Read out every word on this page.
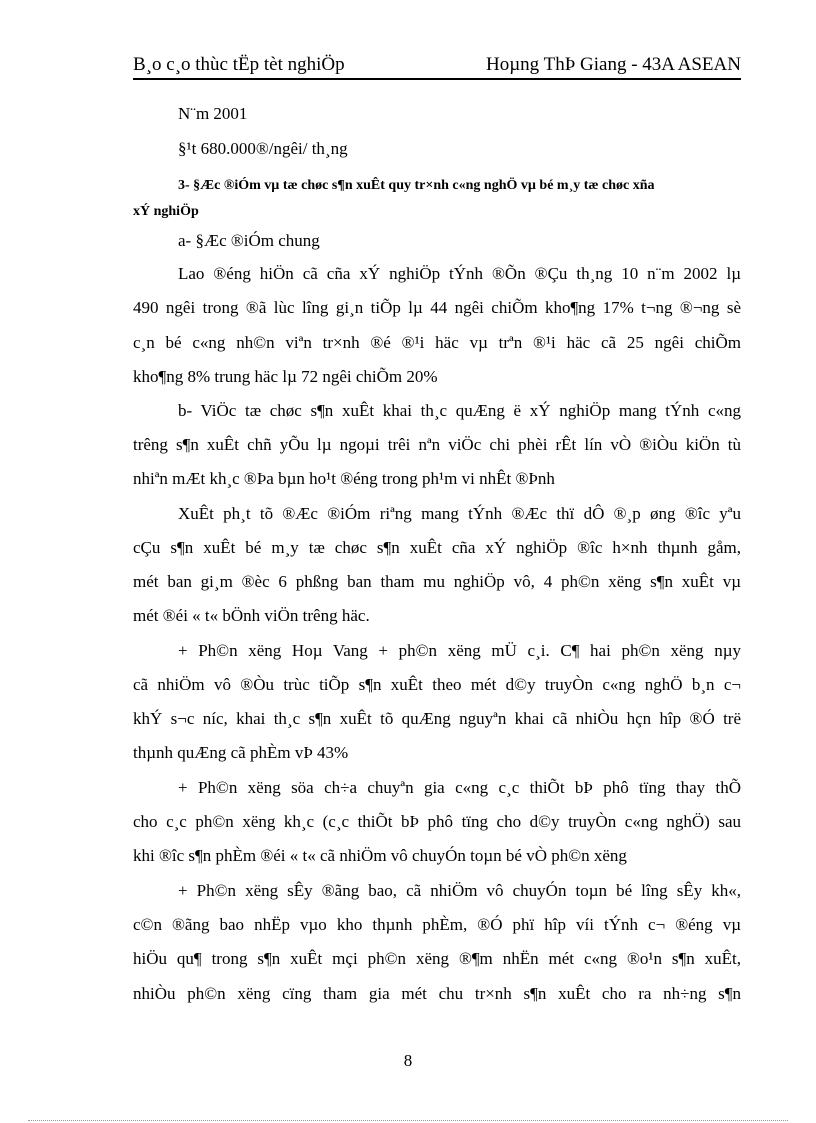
B¸o c¸o thùc tËp tèt nghiÖp	Hoµng ThÞ Giang - 43A ASEAN
N¨m 2001
§¹t 680.000®/ngêi/ th¸ng
3- §Æc ®iÓm vµ tæ chøc s¶n xuÊt quy tr×nh c«ng nghÖ vµ bé m¸y tæ chøc xña
xÝ nghiÖp
a- §Æc ®iÓm chung
Lao ®éng hiÖn cã cña xÝ nghiÖp tÝnh ®Õn ®Çu th¸ng 10 n¨m 2002 lµ
490 ngêi trong ®ã lùc lîng gi¸n tiÕp lµ 44 ngêi chiÕm kho¶ng 17% t¬ng ®¬ng sè
c¸n bé c«ng nh©n viªn tr×nh ®é ®¹i häc vµ trªn ®¹i häc cã 25 ngêi chiÕm
kho¶ng 8% trung häc lµ 72 ngêi chiÕm 20%
b- ViÖc tæ chøc s¶n xuÊt khai th¸c quÆng ë xÝ nghiÖp mang tÝnh c«ng
trêng s¶n xuÊt chñ yÕu lµ ngoµi trêi nªn viÖc chi phèi rÊt lín vÒ ®iÒu kiÖn tù
nhiªn mÆt kh¸c ®Þa bµn ho¹t ®éng trong ph¹m vi nhÊt ®Þnh
XuÊt ph¸t tõ ®Æc ®iÓm riªng mang tÝnh ®Æc thï dÔ ®¸p øng ®îc yªu
cÇu s¶n xuÊt bé m¸y tæ chøc s¶n xuÊt cña xÝ nghiÖp ®îc h×nh thµnh gåm,
mét ban gi¸m ®èc 6 phßng ban tham mu nghiÖp vô, 4 ph©n xëng s¶n xuÊt vµ
mét ®éi « t« bÖnh viÖn trêng häc.
+ Ph©n xëng Hoµ Vang + ph©n xëng mÜ c¸i. C¶ hai ph©n xëng nµy
cã nhiÖm vô ®Òu trùc tiÕp s¶n xuÊt theo mét d©y truyÒn c«ng nghÖ b¸n c¬
khÝ s¬c níc, khai th¸c s¶n xuÊt tõ quÆng nguyªn khai cã nhiÒu hçn hîp ®Ó trë
thµnh quÆng cã phÈm vÞ 43%
+ Ph©n xëng söa ch÷a chuyªn gia c«ng c¸c thiÕt bÞ phô tïng thay thÕ
cho c¸c ph©n xëng kh¸c (c¸c thiÕt bÞ phô tïng cho d©y truyÒn c«ng nghÖ) sau
khi ®îc s¶n phÈm ®éi « t« cã nhiÖm vô chuyÓn toµn bé vÒ ph©n xëng
+ Ph©n xëng sÊy ®ãng bao, cã nhiÖm vô chuyÓn toµn bé lîng sÊy kh«,
c©n ®ãng bao nhËp vµo kho thµnh phÈm, ®Ó phï hîp víi tÝnh c¬ ®éng vµ
hiÖu qu¶ trong s¶n xuÊt mçi ph©n xëng ®¶m nhËn mét c«ng ®o¹n s¶n xuÊt,
nhiÒu ph©n xëng cïng tham gia mét chu tr×nh s¶n xuÊt cho ra nh÷ng s¶n
8
